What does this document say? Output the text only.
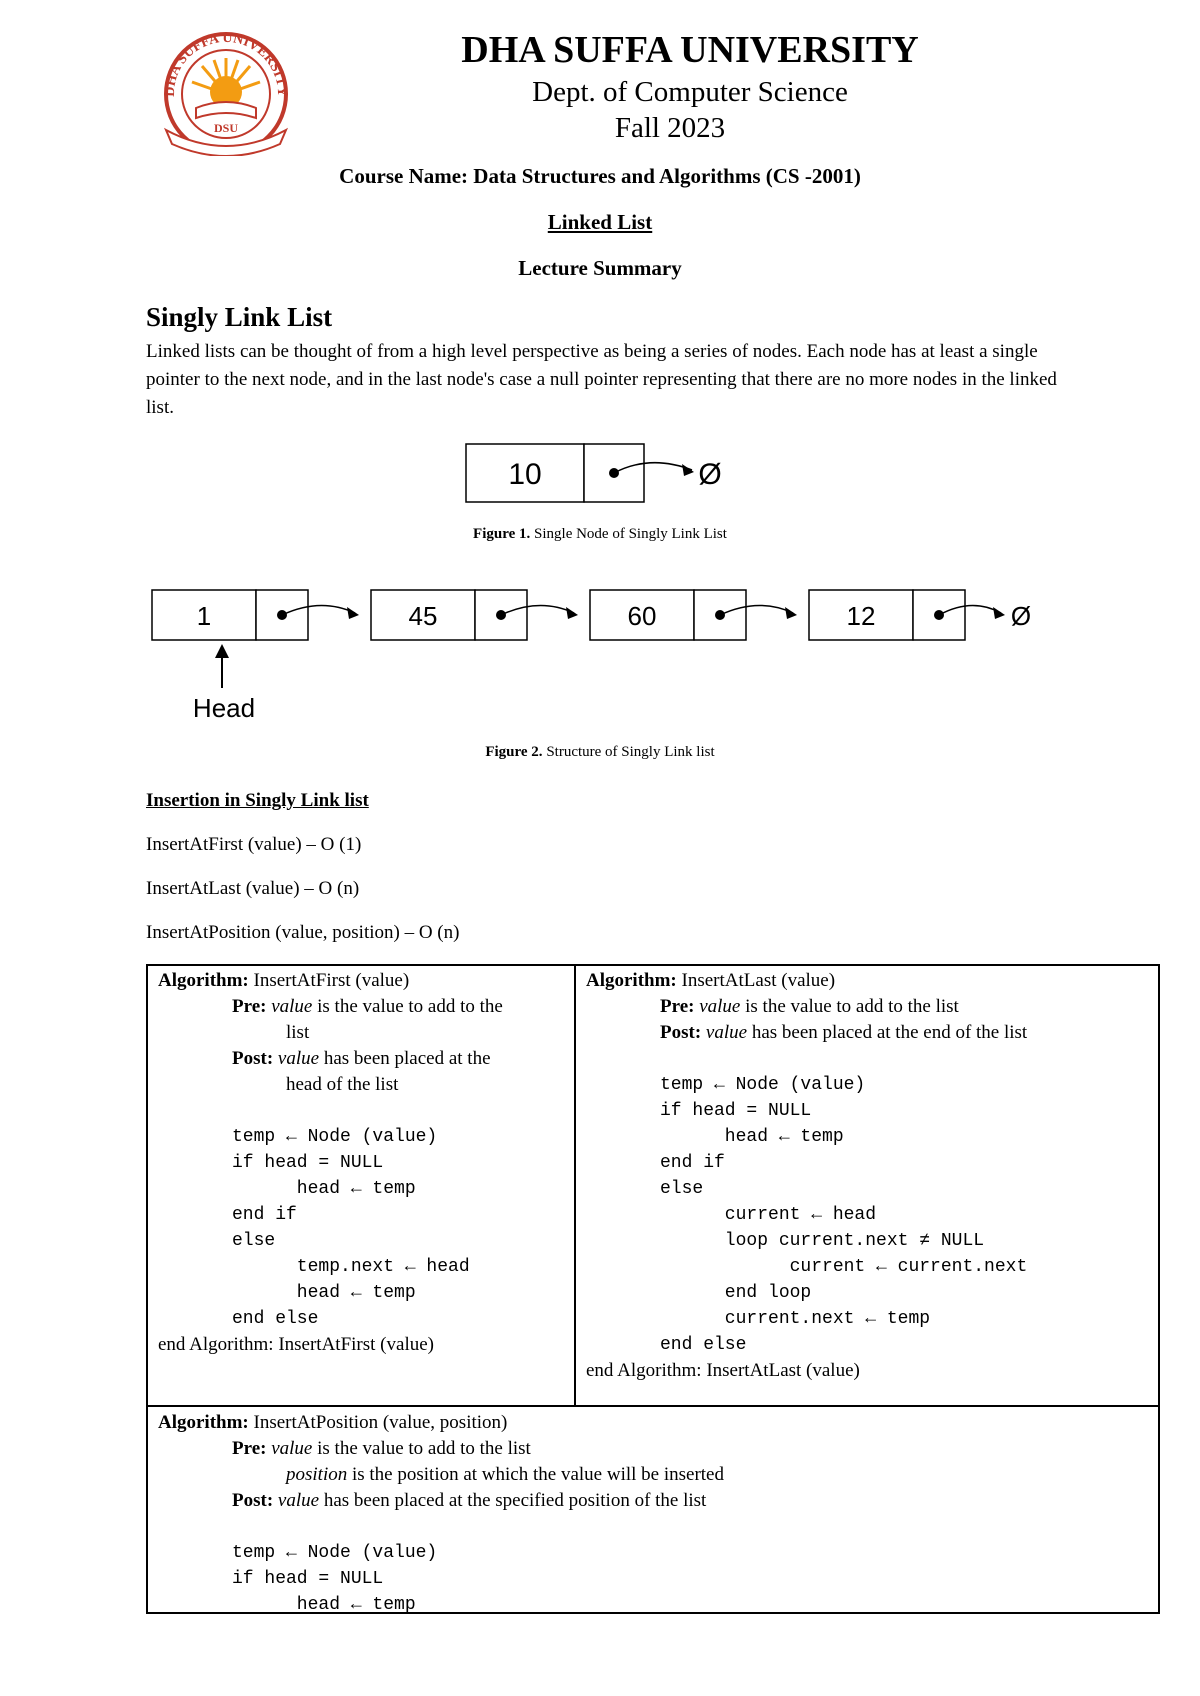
DHA SUFFA UNIVERSITY
DSU
DHA SUFFA UNIVERSITY
Dept. of Computer Science
Fall 2023
Course Name: Data Structures and Algorithms (CS -2001)
Linked List
Lecture Summary
Singly Link List
Linked lists can be thought of from a high level perspective as being a series of nodes. Each node has at least a single pointer to the next node, and in the last node's case a null pointer representing that there are no more nodes in the linked list.
10	Ø
Figure 1. Single Node of Singly Link List
1	45	60	12	Ø
Head
Figure 2. Structure of Singly Link list
Insertion in Singly Link list
InsertAtFirst (value) – O (1)
InsertAtLast (value) – O (n)
InsertAtPosition (value, position) – O (n)
Algorithm: InsertAtFirst (value)
Pre: value is the value to add to the
list
Post: value has been placed at the
head of the list
temp ← Node (value)
if head = NULL
head ← temp
end if
else
temp.next ← head
head ← temp
end else
end Algorithm: InsertAtFirst (value)
Algorithm: InsertAtLast (value)
Pre: value is the value to add to the list
Post: value has been placed at the end of the list
temp ← Node (value)
if head = NULL
head ← temp
end if
else
current ← head
loop current.next ≠ NULL
current ← current.next
end loop
current.next ← temp
end else
end Algorithm: InsertAtLast (value)
Algorithm: InsertAtPosition (value, position)
Pre: value is the value to add to the list
position is the position at which the value will be inserted
Post: value has been placed at the specified position of the list
temp ← Node (value)
if head = NULL
head ← temp
